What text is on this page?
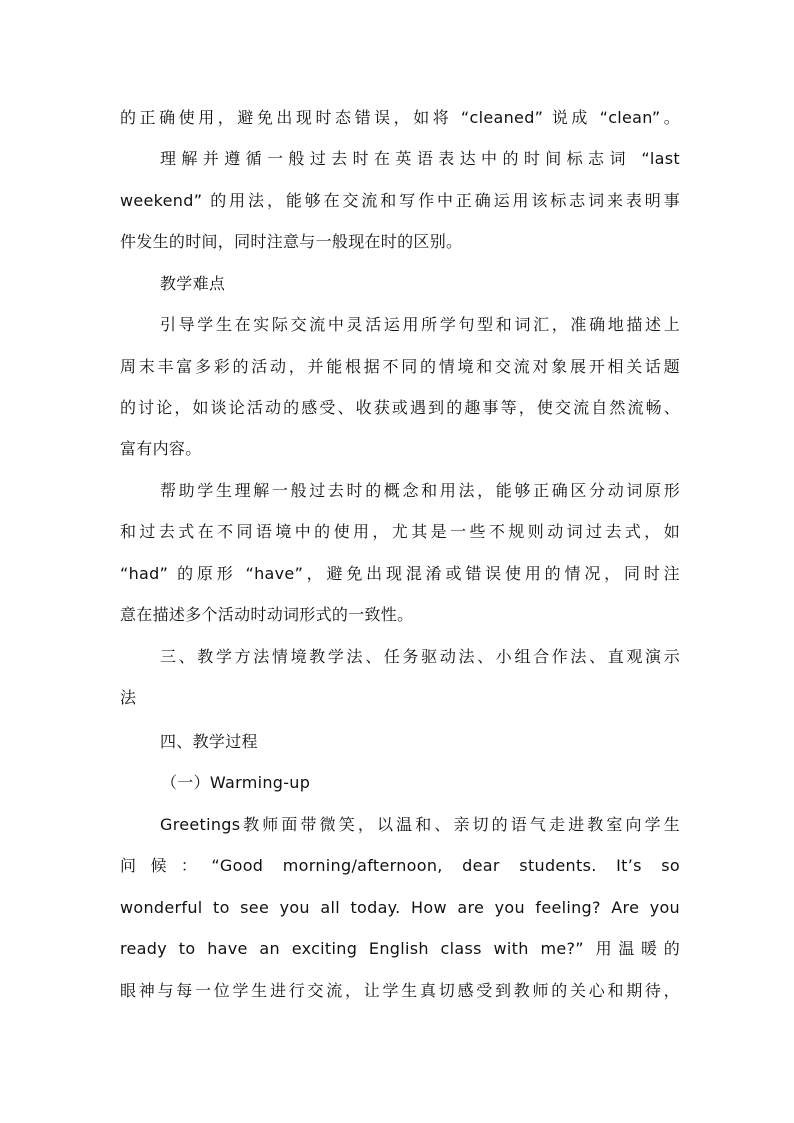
的正确使用，避免出现时态错误，如将 “cleaned” 说成 “clean”。
理解并遵循一般过去时在英语表达中的时间标志词 “last
weekend” 的用法，能够在交流和写作中正确运用该标志词来表明事
件发生的时间，同时注意与一般现在时的区别。
教学难点
引导学生在实际交流中灵活运用所学句型和词汇，准确地描述上
周末丰富多彩的活动，并能根据不同的情境和交流对象展开相关话题
的讨论，如谈论活动的感受、收获或遇到的趣事等，使交流自然流畅、
富有内容。
帮助学生理解一般过去时的概念和用法，能够正确区分动词原形
和过去式在不同语境中的使用，尤其是一些不规则动词过去式，如
“had” 的原形 “have”，避免出现混淆或错误使用的情况，同时注
意在描述多个活动时动词形式的一致性。
三、教学方法情境教学法、任务驱动法、小组合作法、直观演示
法
四、教学过程
（一）Warming-up
Greetings教师面带微笑，以温和、亲切的语气走进教室向学生
问候：“Good morning/afternoon, dear students. It’s so
wonderful to see you all today. How are you feeling? Are you
ready to have an exciting English class with me?” 用温暖的
眼神与每一位学生进行交流，让学生真切感受到教师的关心和期待，
